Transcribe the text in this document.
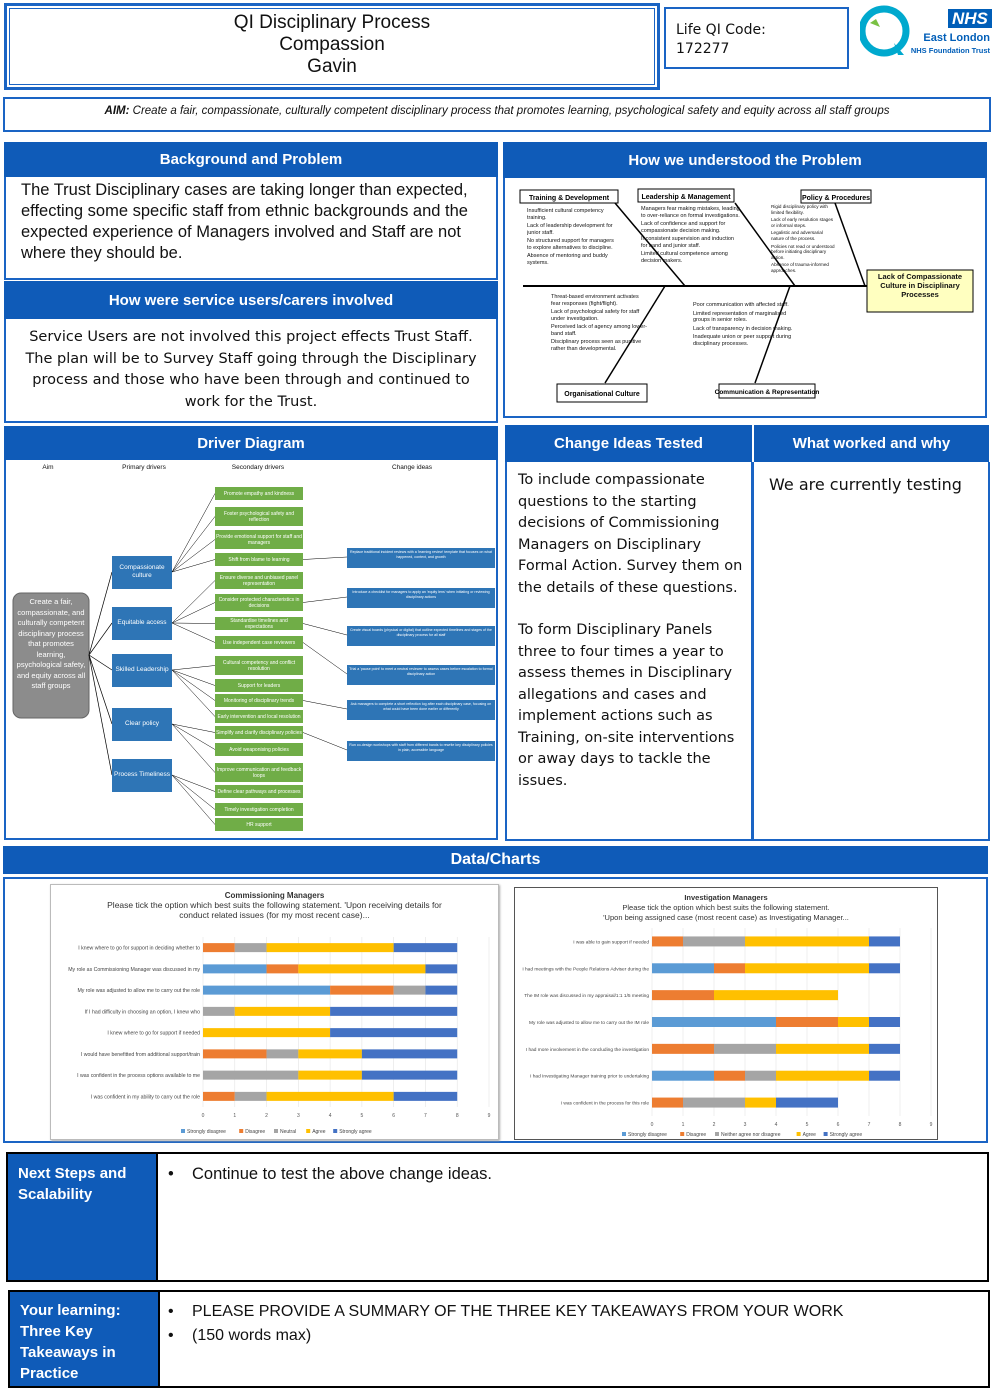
QI Disciplinary Process
Compassion
Gavin
Life QI Code:
172277
NHS
East London
NHS Foundation Trust
AIM: Create a fair, compassionate, culturally competent disciplinary process that promotes learning, psychological safety and equity across all staff groups
Background and Problem
The Trust Disciplinary cases are taking longer than expected, effecting some specific staff from ethnic backgrounds and the expected experience of Managers involved and Staff are not where they should be.
How were service users/carers involved
Service Users are not involved this project effects Trust Staff. The plan will be to Survey Staff going through the Disciplinary process and those who have been through and continued to work for the Trust.
How we understood the Problem
Training & Development	Leadership & Management	Policy & Procedures
Organisational Culture	Communication & Representation
Lack of Compassionate Culture in Disciplinary Processes
Insufficient cultural competency training.
Lack of leadership development for junior staff.
No structured support for managers to explore alternatives to discipline.
Absence of mentoring and buddy systems.
Managers fear making mistakes, leading to over-reliance on formal investigations.
Lack of confidence and support for compassionate decision making.
Inconsistent supervision and induction for band and junior staff.
Limited cultural competence among decision makers.
Rigid disciplinary policy with limited flexibility.
Lack of early resolution stages or informal steps.
Legalistic and adversarial nature of the process.
Policies not read or understood before initiating disciplinary action.
Absence of trauma-informed approaches.
Threat-based environment activates fear responses (fight/flight).
Lack of psychological safety for staff under investigation.
Perceived lack of agency among lower-band staff.
Disciplinary process seen as punitive rather than developmental.
Poor communication with affected staff.
Limited representation of marginalised groups in senior roles.
Lack of transparency in decision making.
Inadequate union or peer support during disciplinary processes.
Driver Diagram
Aim	Primary drivers	Secondary drivers	Change ideas
Create a fair, compassionate, and culturally competent disciplinary process that promotes learning, psychological safety, and equity across all staff groups
Compassionate culture
Equitable access
Skilled Leadership
Clear policy
Process Timeliness
Promote empathy and kindness
Foster psychological safety and reflection
Provide emotional support for staff and managers
Shift from blame to learning
Ensure diverse and unbiased panel representation
Consider protected characteristics in decisions
Standardise timelines and expectations
Use independent case reviewers
Cultural competency and conflict resolution
Support for leaders
Monitoring of disciplinary trends
Early intervention and local resolution
Simplify and clarify disciplinary policies
Avoid weaponising policies
Improve communication and feedback loops
Define clear pathways and processes
Timely investigation completion
HR support
Replace traditional incident reviews with a 'learning review' template that focuses on what happened, context, and growth
Introduce a checklist for managers to apply an 'equity lens' when initiating or reviewing disciplinary actions
Create visual boards (physical or digital) that outline expected timelines and stages of the disciplinary process for all staff
Trial a 'pause point' to meet a neutral reviewer to assess cases before escalation to formal disciplinary action
Ask managers to complete a short reflection log after each disciplinary case, focusing on what could have been done earlier or differently
Run co-design workshops with staff from different bands to rewrite key disciplinary policies in plain, accessible language
Change Ideas Tested	What worked and why
To include compassionate questions to the starting decisions of Commissioning Managers on Disciplinary Formal Action. Survey them on the details of these questions.
To form Disciplinary Panels three to four times a year to assess themes in Disciplinary allegations and cases and implement actions such as Training, on-site interventions or away days to tackle the issues.
We are currently testing
Data/Charts
Commissioning Managers
Please tick the option which best suits the following statement. 'Upon receiving details for
conduct related issues (for my most recent case)...
0	1	2	3	4	5	6	7	8	9
I knew where to go for support in deciding whether to
My role as Commissioning Manager was discussed in my
My role was adjusted to allow me to carry out the role
If I had difficulty in choosing an option, I knew who
I knew where to go for support if needed
I would have benefitted from additional support/train
I was confident in the process options available to me
I was confident in my ability to carry out the role
Strongly disagree	Disagree	Neutral	Agree	Strongly agree
Investigation Managers
Please tick the option which best suits the following statement.
'Upon being assigned case (most recent case) as Investigating Manager...
0	1	2	3	4	5	6	7	8	9
I was able to gain support if needed
I had meetings with the People Relations Adviser during the
The IM role was discussed in my appraisal/1:1 1/5 meeting
My role was adjusted to allow me to carry out the IM role
I had more involvement in the concluding the investigation
I had Investigating Manager training prior to undertaking
I was confident in the process for this role
Strongly disagree	Disagree	Neither agree nor disagree	Agree	Strongly agree
Next Steps and Scalability
• Continue to test the above change ideas.
Your learning: Three Key Takeaways in Practice
• PLEASE PROVIDE A SUMMARY OF THE THREE KEY TAKEAWAYS FROM YOUR WORK
• (150 words max)
